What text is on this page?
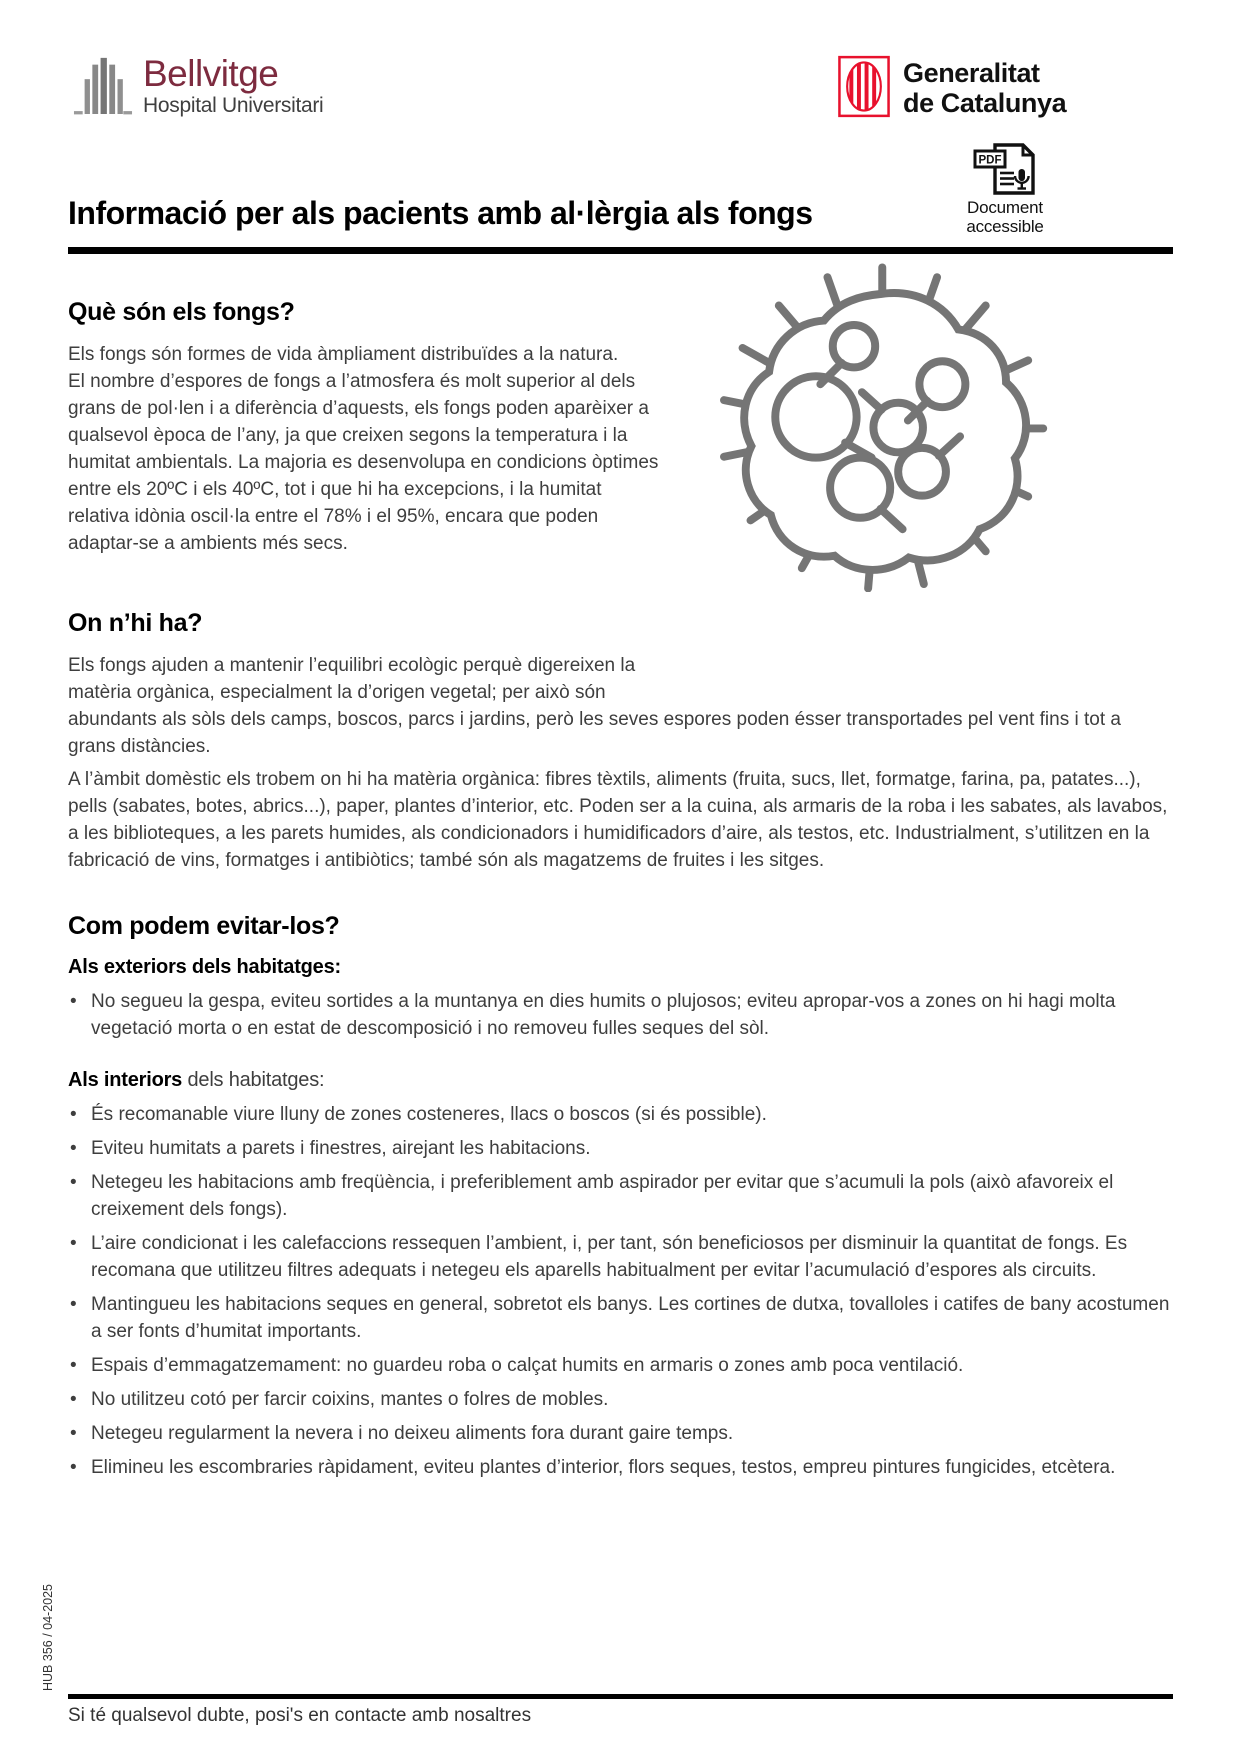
Bellvitge
Hospital Universitari
Generalitat
de Catalunya
PDF
Document
accessible
Informació per als pacients amb al·lèrgia als fongs
Què són els fongs?

Els fongs són formes de vida àmpliament distribuïdes a la natura.

El nombre d’espores de fongs a l’atmosfera és molt superior al dels grans de pol·len i a diferència d’aquests, els fongs poden aparèixer a qualsevol època de l’any, ja que creixen segons la temperatura i la humitat ambientals. La majoria es desenvolupa en condicions òptimes entre els 20ºC i els 40ºC, tot i que hi ha excepcions, i la humitat relativa idònia oscil·la entre el 78% i el 95%, encara que poden adaptar-se a ambients més secs.

On n’hi ha?

Els fongs ajuden a mantenir l’equilibri ecològic perquè digereixen la matèria orgànica, especialment la d’origen vegetal; per això són abundants als sòls dels camps, boscos, parcs i jardins, però les seves espores poden ésser transportades pel vent fins i tot a grans distàncies.

A l’àmbit domèstic els trobem on hi ha matèria orgànica: fibres tèxtils, aliments (fruita, sucs, llet, formatge, farina, pa, patates...), pells (sabates, botes, abrics...), paper, plantes d’interior, etc. Poden ser a la cuina, als armaris de la roba i les sabates, als lavabos, a les biblioteques, a les parets humides, als condicionadors i humidificadors d’aire, als testos, etc. Industrialment, s’utilitzen en la fabricació de vins, formatges i antibiòtics; també són als magatzems de fruites i les sitges.

Com podem evitar-los?
Als exteriors dels habitatges:
• No segueu la gespa, eviteu sortides a la muntanya en dies humits o plujosos; eviteu apropar-vos a zones on hi hagi molta vegetació morta o en estat de descomposició i no removeu fulles seques del sòl.
Als interiors dels habitatges:
• És recomanable viure lluny de zones costeneres, llacs o boscos (si és possible).
• Eviteu humitats a parets i finestres, airejant les habitacions.
• Netegeu les habitacions amb freqüència, i preferiblement amb aspirador per evitar que s’acumuli la pols (això afavoreix el creixement dels fongs).
• L’aire condicionat i les calefaccions ressequen l’ambient, i, per tant, són beneficiosos per disminuir la quantitat de fongs. Es recomana que utilitzeu filtres adequats i netegeu els aparells habitualment per evitar l’acumulació d’espores als circuits.
• Mantingueu les habitacions seques en general, sobretot els banys. Les cortines de dutxa, tovalloles i catifes de bany acostumen a ser fonts d’humitat importants.
• Espais d’emmagatzemament: no guardeu roba o calçat humits en armaris o zones amb poca ventilació.
• No utilitzeu cotó per farcir coixins, mantes o folres de mobles.
• Netegeu regularment la nevera i no deixeu aliments fora durant gaire temps.
• Elimineu les escombraries ràpidament, eviteu plantes d’interior, flors seques, testos, empreu pintures fungicides, etcètera.
HUB 356 / 04-2025

Si té qualsevol dubte, posi's en contacte amb nosaltres
